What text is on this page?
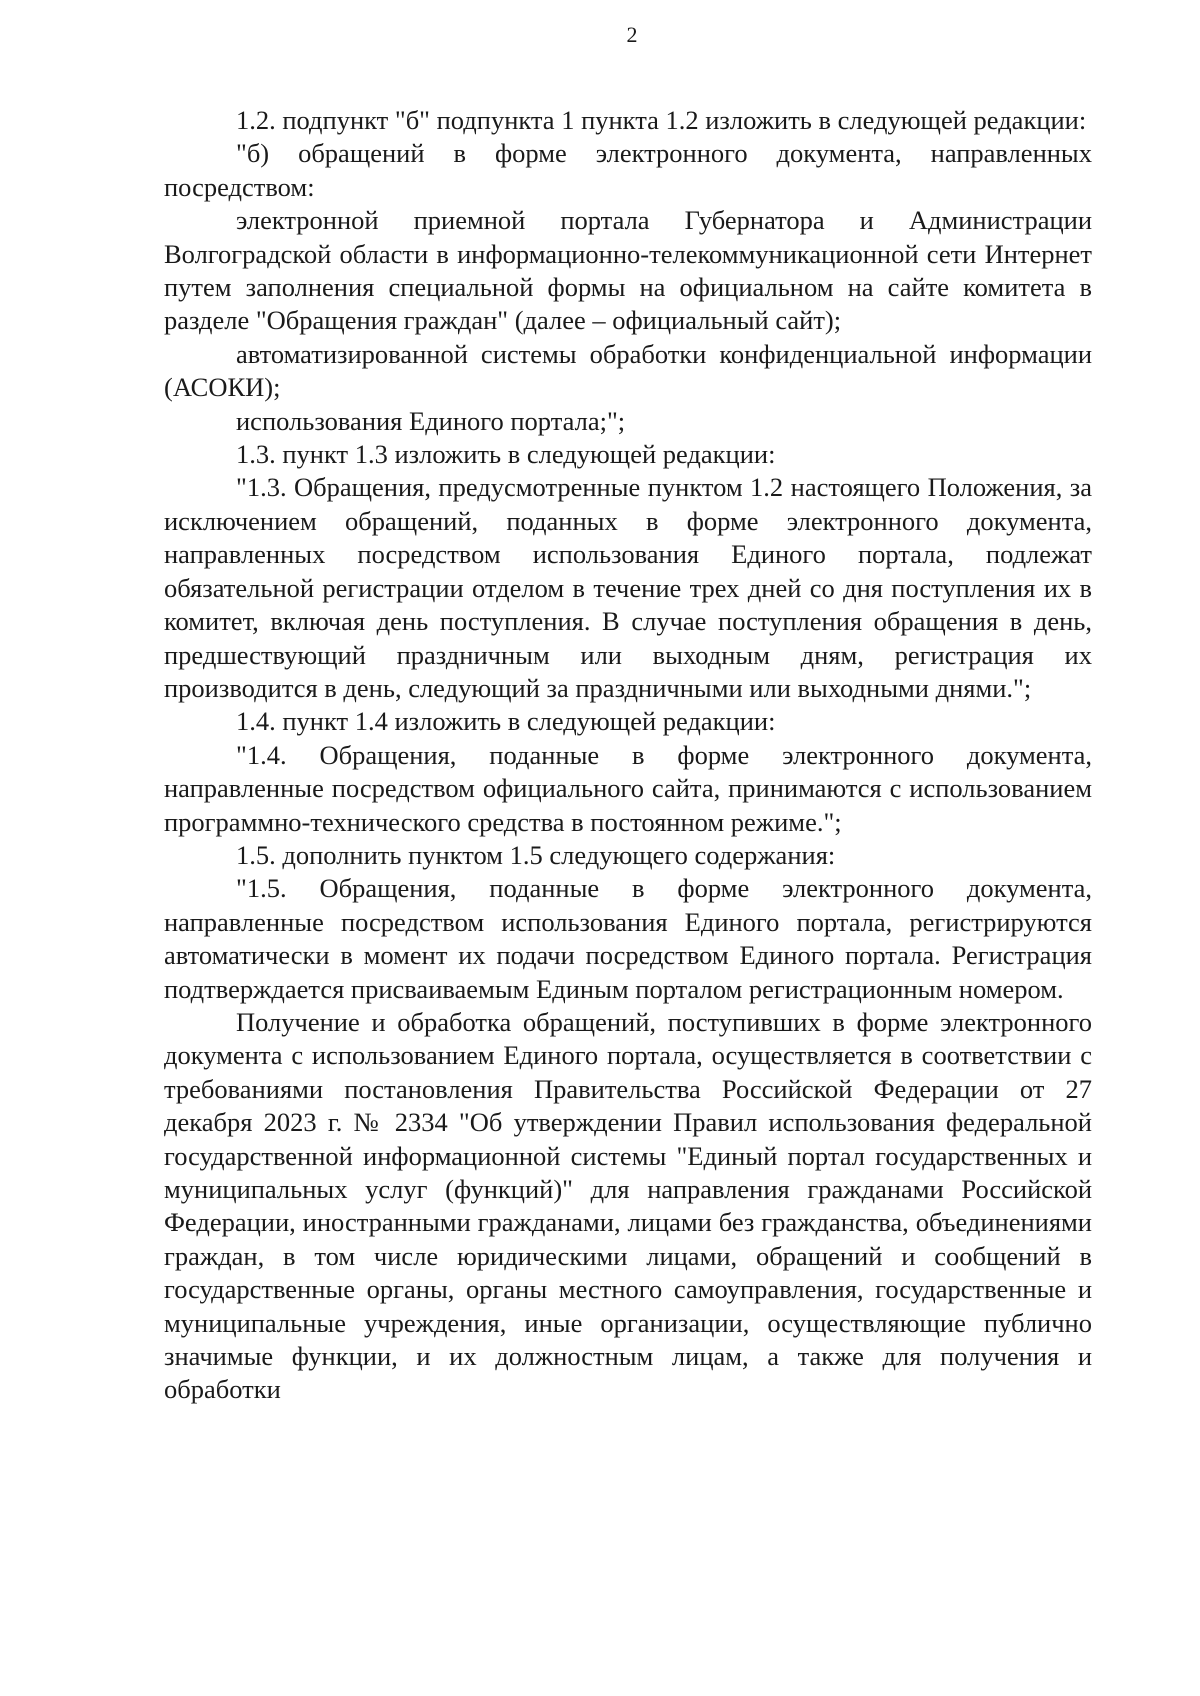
2

1.2. подпункт "б" подпункта 1 пункта 1.2 изложить в следующей редакции:

"б) обращений в форме электронного документа, направленных посредством:

электронной приемной портала Губернатора и Администрации Волгоградской области в информационно-телекоммуникационной сети Интернет путем заполнения специальной формы на официальном на сайте комитета в разделе "Обращения граждан" (далее – официальный сайт);

автоматизированной системы обработки конфиденциальной информации (АСОКИ);

использования Единого портала;";

1.3. пункт 1.3 изложить в следующей редакции:

"1.3. Обращения, предусмотренные пунктом 1.2 настоящего Положения, за исключением обращений, поданных в форме электронного документа, направленных посредством использования Единого портала, подлежат обязательной регистрации отделом в течение трех дней со дня поступления их в комитет, включая день поступления. В случае поступления обращения в день, предшествующий праздничным или выходным дням, регистрация их производится в день, следующий за праздничными или выходными днями.";

1.4. пункт 1.4 изложить в следующей редакции:

"1.4. Обращения, поданные в форме электронного документа, направленные посредством официального сайта, принимаются с использованием программно-технического средства в постоянном режиме.";

1.5. дополнить пунктом 1.5 следующего содержания:

"1.5. Обращения, поданные в форме электронного документа, направленные посредством использования Единого портала, регистрируются автоматически в момент их подачи посредством Единого портала. Регистрация подтверждается присваиваемым Единым порталом регистрационным номером.

Получение и обработка обращений, поступивших в форме электронного документа с использованием Единого портала, осуществляется в соответствии с требованиями постановления Правительства Российской Федерации от 27 декабря 2023 г. № 2334 "Об утверждении Правил использования федеральной государственной информационной системы "Единый портал государственных и муниципальных услуг (функций)" для направления гражданами Российской Федерации, иностранными гражданами, лицами без гражданства, объединениями граждан, в том числе юридическими лицами, обращений и сообщений в государственные органы, органы местного самоуправления, государственные и муниципальные учреждения, иные организации, осуществляющие публично значимые функции, и их должностным лицам, а также для получения и обработки
